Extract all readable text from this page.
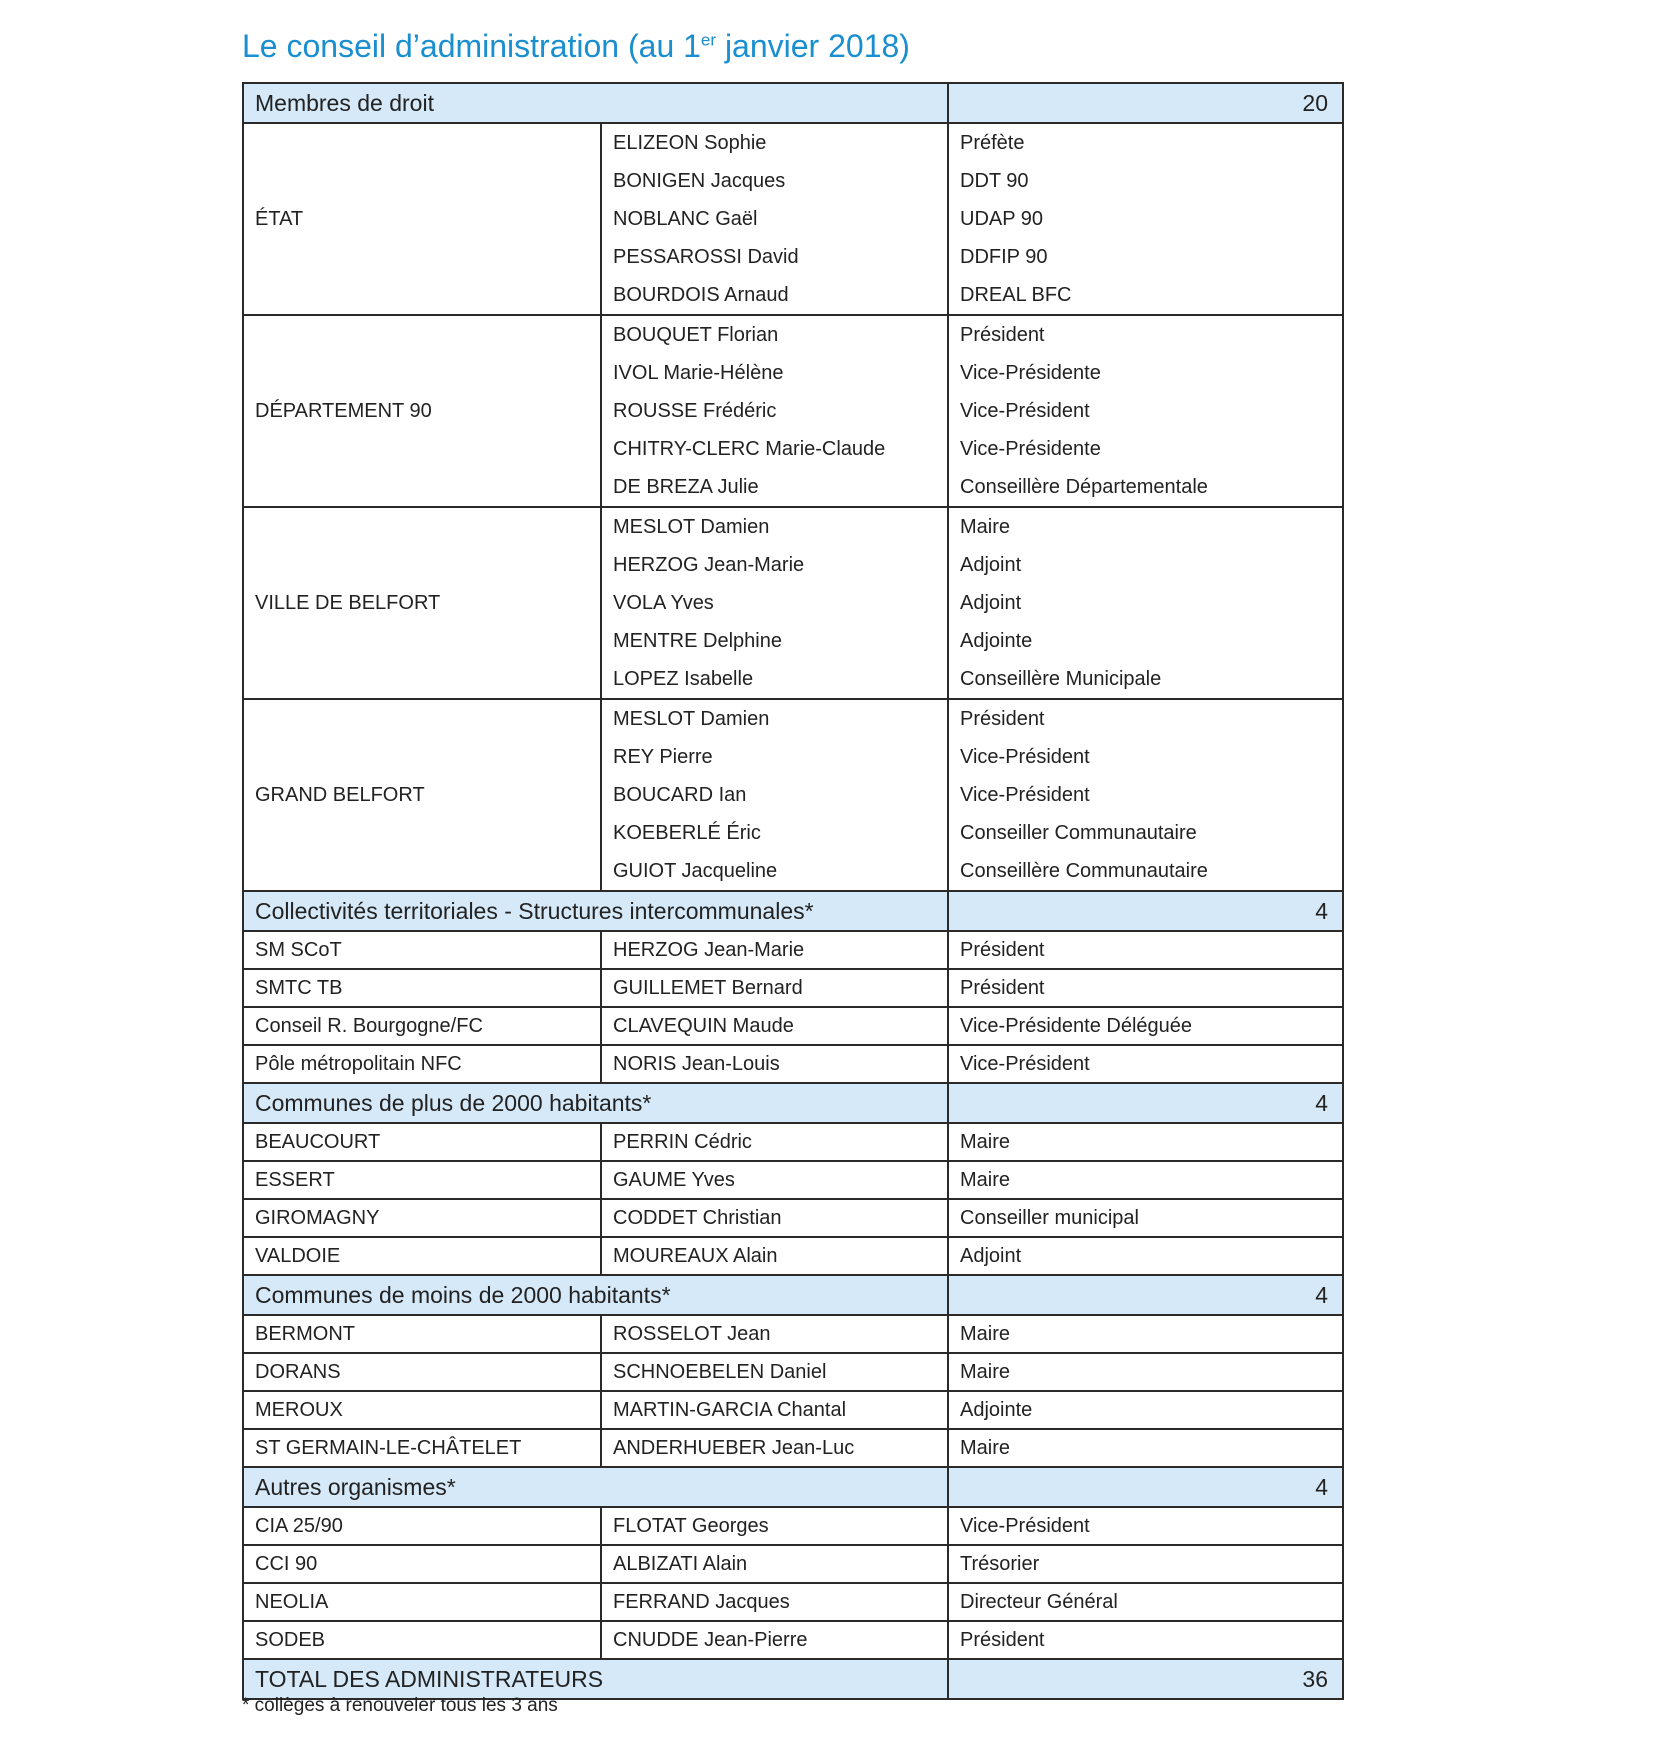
Le conseil d’administration (au 1er janvier 2018)
Membres de droit		20
ÉTAT	ELIZEON Sophie	Préfète
	BONIGEN Jacques	DDT 90
	NOBLANC Gaël	UDAP 90
	PESSAROSSI David	DDFIP 90
	BOURDOIS Arnaud	DREAL BFC
DÉPARTEMENT 90	BOUQUET Florian	Président
	IVOL Marie-Hélène	Vice-Présidente
	ROUSSE Frédéric	Vice-Président
	CHITRY-CLERC Marie-Claude	Vice-Présidente
	DE BREZA Julie	Conseillère Départementale
VILLE DE BELFORT	MESLOT Damien	Maire
	HERZOG Jean-Marie	Adjoint
	VOLA Yves	Adjoint
	MENTRE Delphine	Adjointe
	LOPEZ Isabelle	Conseillère Municipale
GRAND BELFORT	MESLOT Damien	Président
	REY Pierre	Vice-Président
	BOUCARD Ian	Vice-Président
	KOEBERLÉ Éric	Conseiller Communautaire
	GUIOT Jacqueline	Conseillère Communautaire
Collectivités territoriales - Structures intercommunales*		4
SM SCoT	HERZOG Jean-Marie	Président
SMTC TB	GUILLEMET Bernard	Président
Conseil R. Bourgogne/FC	CLAVEQUIN Maude	Vice-Présidente Déléguée
Pôle métropolitain NFC	NORIS Jean-Louis	Vice-Président
Communes de plus de 2000 habitants*		4
BEAUCOURT	PERRIN Cédric	Maire
ESSERT	GAUME Yves	Maire
GIROMAGNY	CODDET Christian	Conseiller municipal
VALDOIE	MOUREAUX Alain	Adjoint
Communes de moins de 2000 habitants*		4
BERMONT	ROSSELOT Jean	Maire
DORANS	SCHNOEBELEN Daniel	Maire
MEROUX	MARTIN-GARCIA Chantal	Adjointe
ST GERMAIN-LE-CHÂTELET	ANDERHUEBER Jean-Luc	Maire
Autres organismes*		4
CIA 25/90	FLOTAT Georges	Vice-Président
CCI 90	ALBIZATI Alain	Trésorier
NEOLIA	FERRAND Jacques	Directeur Général
SODEB	CNUDDE Jean-Pierre	Président
TOTAL DES ADMINISTRATEURS		36
* collèges à renouveler tous les 3 ans
